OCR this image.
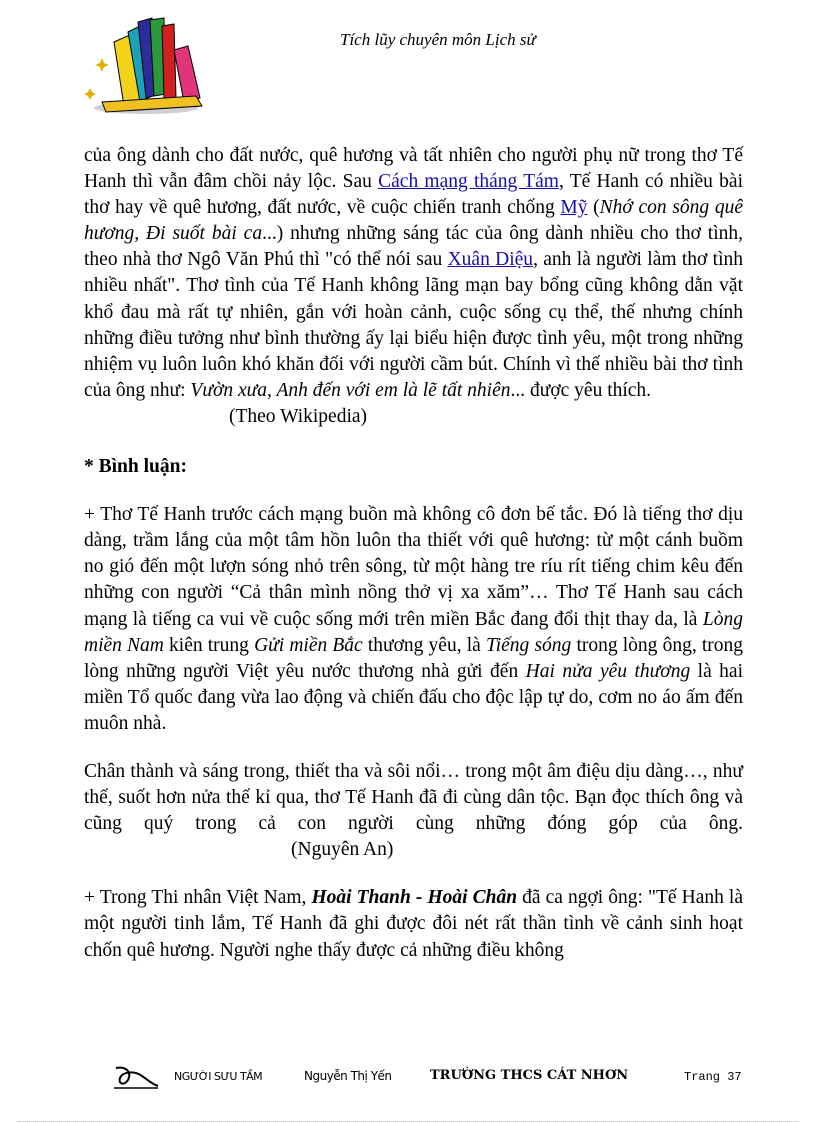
Tích lũy chuyên môn Lịch sử

của ông dành cho đất nước, quê hương và tất nhiên cho người phụ nữ trong thơ Tế Hanh thì vẫn đâm chồi nảy lộc. Sau Cách mạng tháng Tám, Tế Hanh có nhiều bài thơ hay về quê hương, đất nước, về cuộc chiến tranh chống Mỹ (Nhớ con sông quê hương, Đi suốt bài ca...) nhưng những sáng tác của ông dành nhiều cho thơ tình, theo nhà thơ Ngô Văn Phú thì "có thể nói sau Xuân Diệu, anh là người làm thơ tình nhiều nhất". Thơ tình của Tế Hanh không lãng mạn bay bổng cũng không dằn vặt khổ đau mà rất tự nhiên, gắn với hoàn cảnh, cuộc sống cụ thể, thế nhưng chính những điều tưởng như bình thường ấy lại biểu hiện được tình yêu, một trong những nhiệm vụ luôn luôn khó khăn đối với người cầm bút. Chính vì thế nhiều bài thơ tình của ông như: Vườn xưa, Anh đến với em là lẽ tất nhiên... được yêu thích.

(Theo Wikipedia)

* Bình luận:

+ Thơ Tế Hanh trước cách mạng buồn mà không cô đơn bế tắc. Đó là tiếng thơ dịu dàng, trầm lắng của một tâm hồn luôn tha thiết với quê hương: từ một cánh buồm no gió đến một lượn sóng nhỏ trên sông, từ một hàng tre ríu rít tiếng chim kêu đến những con người “Cả thân mình nồng thở vị xa xăm”… Thơ Tế Hanh sau cách mạng là tiếng ca vui về cuộc sống mới trên miền Bắc đang đổi thịt thay da, là Lòng miền Nam kiên trung Gửi miền Bắc thương yêu, là Tiếng sóng trong lòng ông, trong lòng những người Việt yêu nước thương nhà gửi đến Hai nửa yêu thương là hai miền Tổ quốc đang vừa lao động và chiến đấu cho độc lập tự do, cơm no áo ấm đến muôn nhà.

Chân thành và sáng trong, thiết tha và sôi nổi… trong một âm điệu dịu dàng…, như thế, suốt hơn nửa thế kỉ qua, thơ Tế Hanh đã đi cùng dân tộc. Bạn đọc thích ông và cũng quý trong cả con người cùng những đóng góp của ông.(Nguyên An)

+ Trong Thi nhân Việt Nam, Hoài Thanh - Hoài Chân đã ca ngợi ông: "Tế Hanh là một người tinh lắm, Tế Hanh đã ghi được đôi nét rất thần tình về cảnh sinh hoạt chốn quê hương. Người nghe thấy được cả những điều không

NGƯỜI SƯU TẦM	Nguyễn Thị Yến	TRƯỜNG THCS CÁT NHƠN	Trang 37
